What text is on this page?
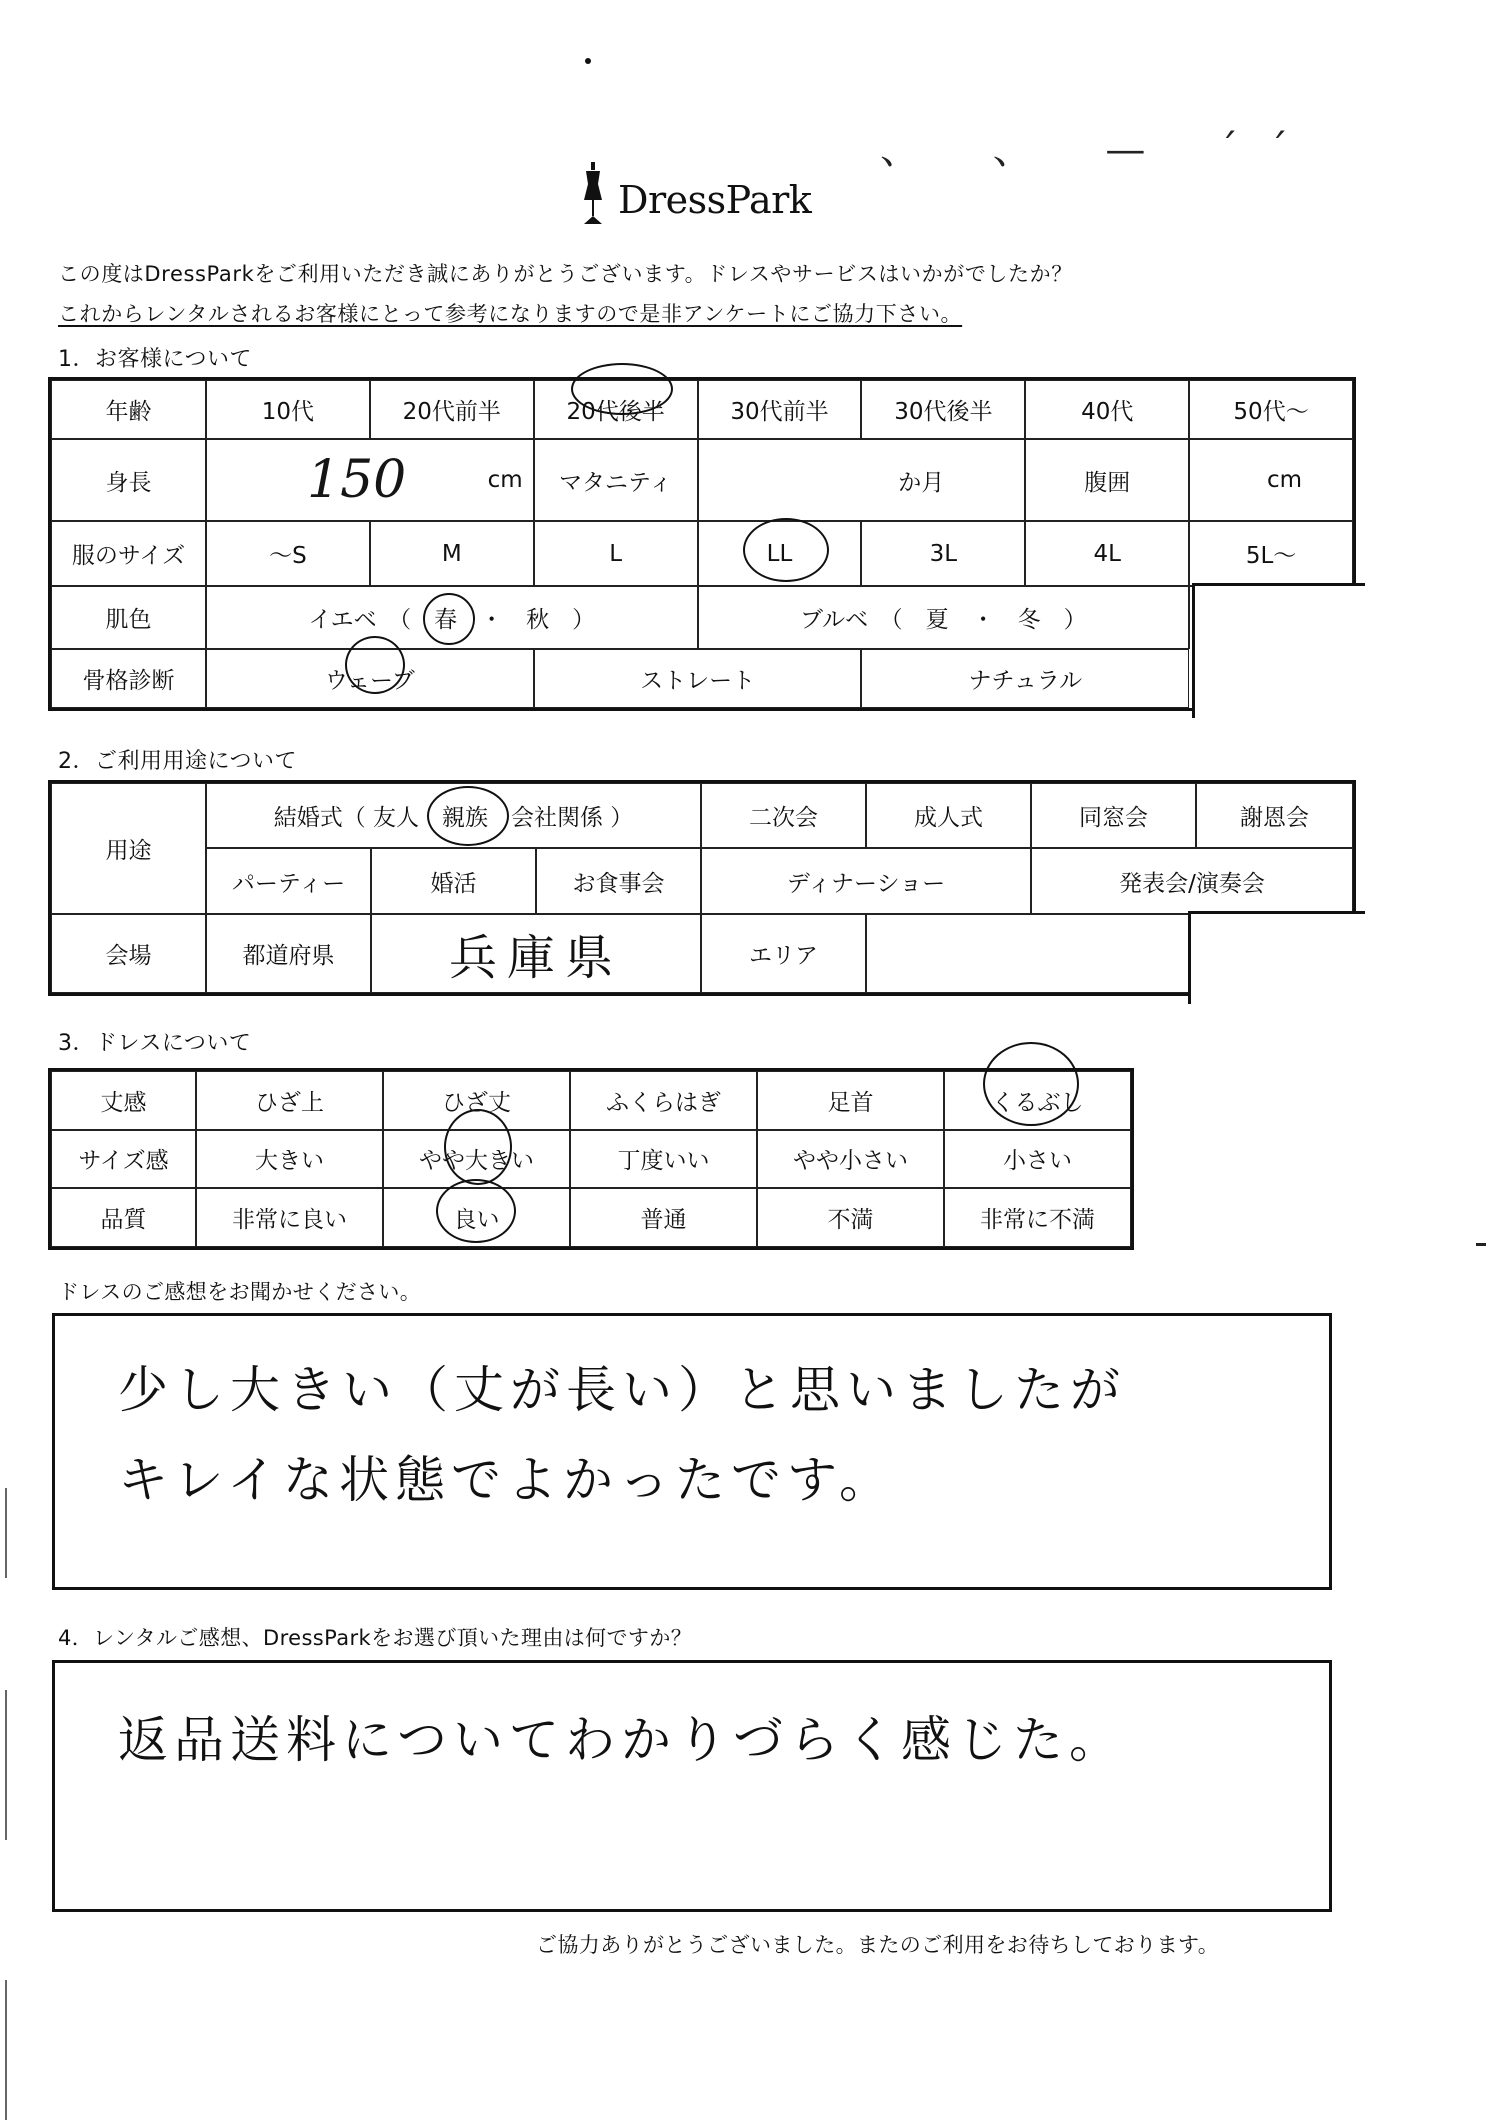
、 、 — ´´
DressPark
この度はDressParkをご利用いただき誠にありがとうございます。ドレスやサービスはいかがでしたか？
これからレンタルされるお客様にとって参考になりますので是非アンケートにご協力下さい。
1．お客様について
年齢	10代	20代前半	20代後半	30代前半	30代後半	40代	50代～
身長	150	cm	マタニティ	か月	腹囲	cm
服のサイズ	～S	M	L	LL	3L	4L	5L～
肌色	イエベ　（　春　・　秋　）	ブルベ　（　夏　・　冬　）
骨格診断	ウェーブ	ストレート	ナチュラル
2．ご利用用途について
用途
結婚式（ 友人　親族　会社関係 ）	二次会	成人式	同窓会	謝恩会
パーティー	婚活	お食事会	ディナーショー	発表会/演奏会
会場	都道府県	兵庫県	エリア
3．ドレスについて
丈感	ひざ上	ひざ丈	ふくらはぎ	足首	くるぶし
サイズ感	大きい	やや大きい	丁度いい	やや小さい	小さい
品質	非常に良い	良い	普通	不満	非常に不満
ドレスのご感想をお聞かせください。
少し大きい（丈が長い）と思いましたが
キレイな状態でよかったです。
4．レンタルご感想、DressParkをお選び頂いた理由は何ですか？
返品送料についてわかりづらく感じた。
ご協力ありがとうございました。またのご利用をお待ちしております。
